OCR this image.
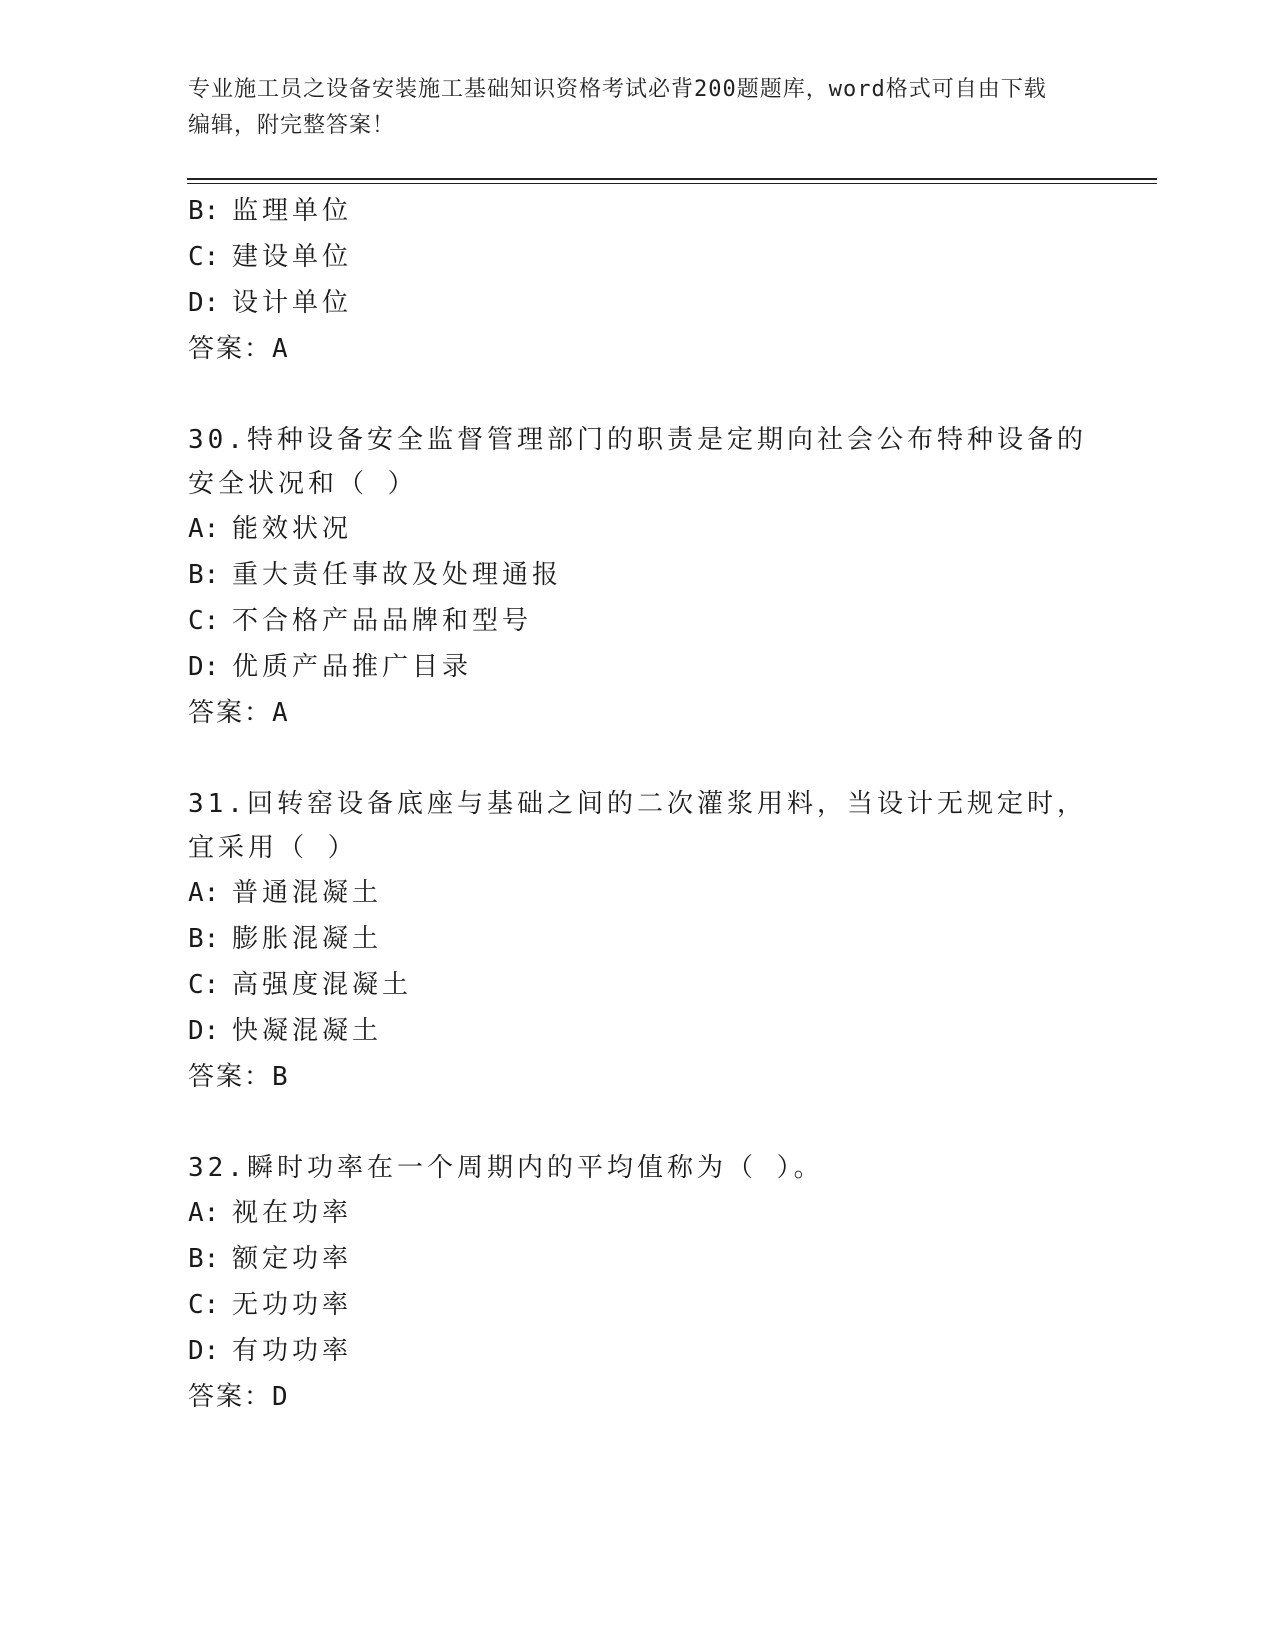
专业施工员之设备安装施工基础知识资格考试必背200题题库，word格式可自由下载编辑，附完整答案！
B: 监理单位
C: 建设单位
D: 设计单位
答案：A
30.特种设备安全监督管理部门的职责是定期向社会公布特种设备的安全状况和（ ）
A: 能效状况
B: 重大责任事故及处理通报
C: 不合格产品品牌和型号
D: 优质产品推广目录
答案：A
31.回转窑设备底座与基础之间的二次灌浆用料，当设计无规定时，宜采用（ ）
A: 普通混凝土
B: 膨胀混凝土
C: 高强度混凝土
D: 快凝混凝土
答案：B
32.瞬时功率在一个周期内的平均值称为（ ）。
A: 视在功率
B: 额定功率
C: 无功功率
D: 有功功率
答案：D
